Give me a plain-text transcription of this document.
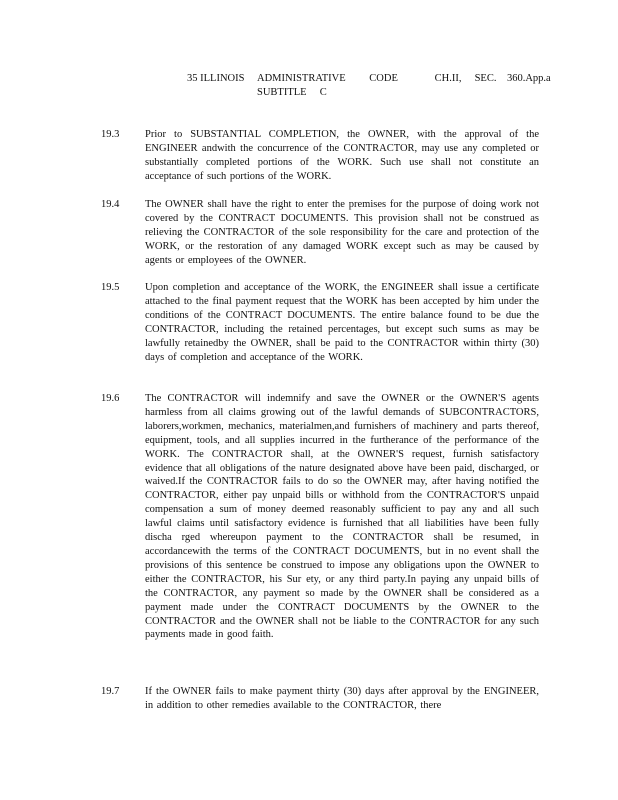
35 ILLINOIS     ADMINISTRATIVE         CODE              CH.II,     SEC.    360.App.a
SUBTITLE     C
19.3 Prior to SUBSTANTIAL COMPLETION, the OWNER, with the approval of the ENGINEER andwith the concurrence of the CONTRACTOR, may use any completed or substantially completed portions of the WORK. Such use shall not constitute an acceptance of such portions of the WORK.
19.4 The OWNER shall have the right to enter the premises for the purpose of doing work not covered by the CONTRACT DOCUMENTS. This provision shall not be construed as relieving the CONTRACTOR of the sole responsibility for the care and protection of the WORK, or the restoration of any damaged WORK except such as may be caused by agents or employees of the OWNER.
19.5 Upon completion and acceptance of the WORK, the ENGINEER shall issue a certificate attached to the final payment request that the WORK has been accepted by him under the conditions of the CONTRACT DOCUMENTS. The entire balance found to be due the CONTRACTOR, including the retained percentages, but except such sums as may be lawfully retainedby the OWNER, shall be paid to the CONTRACTOR within thirty (30) days of completion and acceptance of the WORK.
19.6 The CONTRACTOR will indemnify and save the OWNER or the OWNER'S agents harmless from all claims growing out of the lawful demands of SUBCONTRACTORS, laborers,workmen, mechanics, materialmen,and furnishers of machinery and parts thereof, equipment, tools, and all supplies incurred in the furtherance of the performance of the WORK. The CONTRACTOR shall, at the OWNER'S request, furnish satisfactory evidence that all obligations of the nature designated above have been paid, discharged, or waived.If the CONTRACTOR fails to do so the OWNER may, after having notified the CONTRACTOR, either pay unpaid bills or withhold from the CONTRACTOR'S unpaid compensation a sum of money deemed reasonably sufficient to pay any and all such lawful claims until satisfactory evidence is furnished that all liabilities have been fully discha rged whereupon payment to the CONTRACTOR shall be resumed, in accordancewith the terms of the CONTRACT DOCUMENTS, but in no event shall the provisions of this sentence be construed to impose any obligations upon the OWNER to either the CONTRACTOR, his Sur ety, or any third party.In paying any unpaid bills of the CONTRACTOR, any payment so made by the OWNER shall be considered as a payment made under the CONTRACT DOCUMENTS by the OWNER to the CONTRACTOR and the OWNER shall not be liable to the CONTRACTOR for any such payments made in good faith.
19.7 If the OWNER fails to make payment thirty (30) days after approval by the ENGINEER, in addition to other remedies available to the CONTRACTOR, there
